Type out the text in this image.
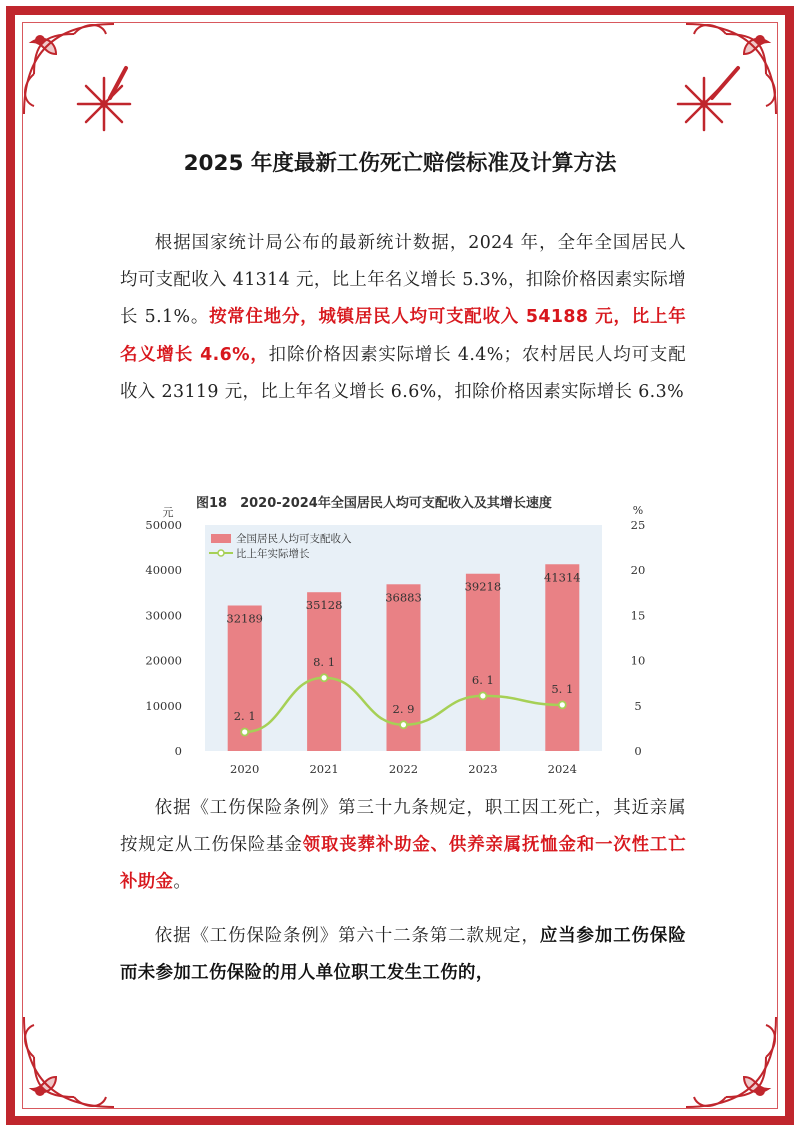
2025 年度最新工伤死亡赔偿标准及计算方法

根据国家统计局公布的最新统计数据，2024 年，全年全国居民人均可支配收入 41314 元，比上年名义增长 5.3%，扣除价格因素实际增长 5.1%。按常住地分，城镇居民人均可支配收入 54188 元，比上年名义增长 4.6%，扣除价格因素实际增长 4.4%；农村居民人均可支配收入 23119 元，比上年名义增长 6.6%，扣除价格因素实际增长 6.3%

图18　2020-2024年全国居民人均可支配收入及其增长速度
元	%
0
10000
20000
30000
40000
50000
0
5
10
15
20
25
32189
35128
36883
39218
41314
2. 1
8. 1
2. 9
6. 1
5. 1
2020	2021	2022	2023	2024
全国居民人均可支配收入
比上年实际增长

依据《工伤保险条例》第三十九条规定，职工因工死亡，其近亲属按规定从工伤保险基金领取丧葬补助金、供养亲属抚恤金和一次性工亡补助金。

依据《工伤保险条例》第六十二条第二款规定，应当参加工伤保险而未参加工伤保险的用人单位职工发生工伤的，
